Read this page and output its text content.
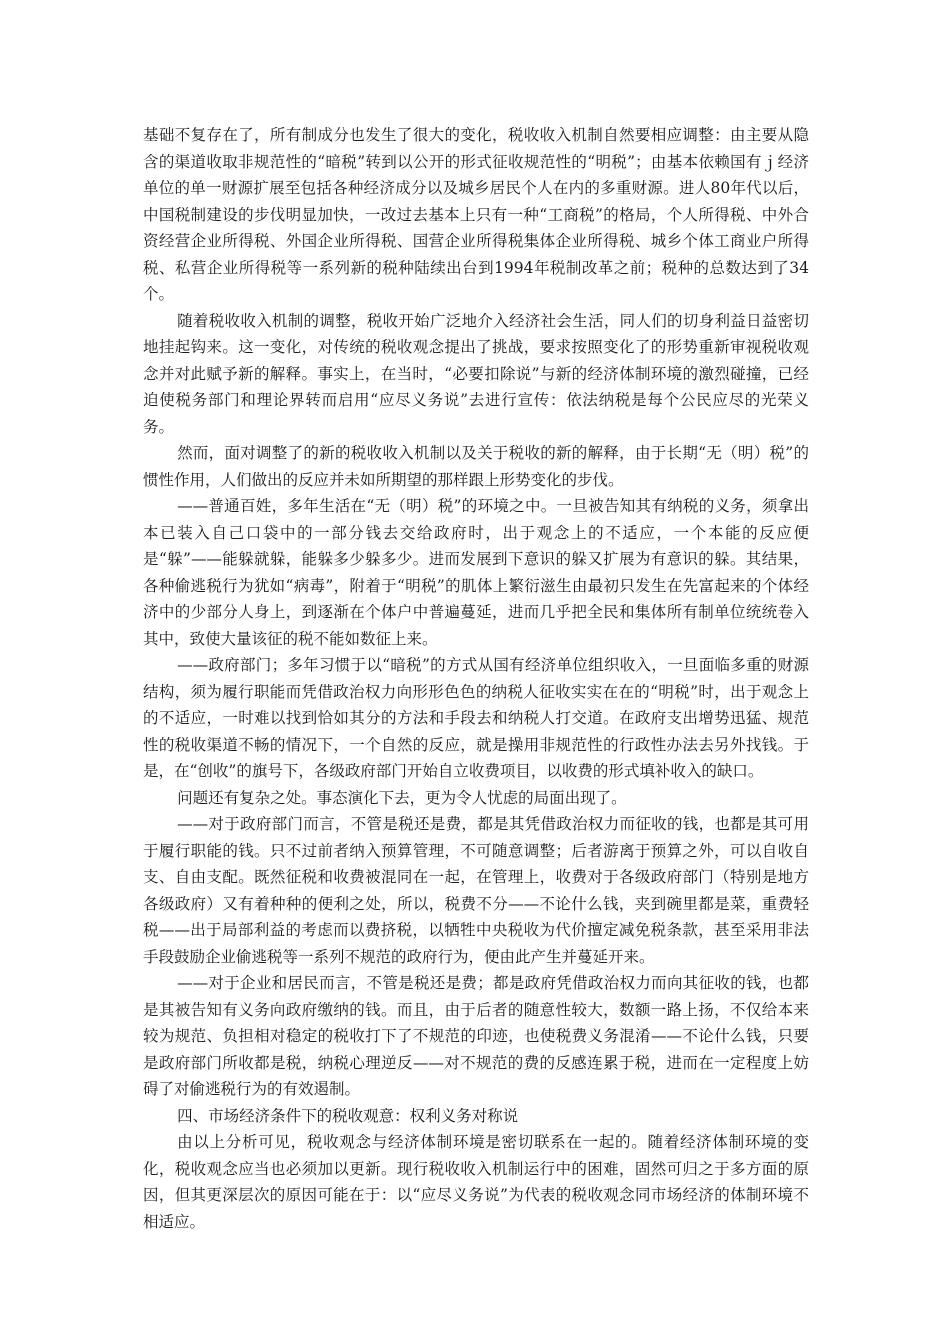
基础不复存在了，所有制成分也发生了很大的变化，税收收入机制自然要相应调整：由主要从隐含的渠道收取非规范性的“暗税”转到以公开的形式征收规范性的“明税”；由基本依赖国有ｊ经济单位的单一财源扩展至包括各种经济成分以及城乡居民个人在内的多重财源。进人80年代以后，中国税制建设的步伐明显加快，一改过去基本上只有一种“工商税”的格局，个人所得税、中外合资经营企业所得税、外国企业所得税、国营企业所得税集体企业所得税、城乡个体工商业户所得税、私营企业所得税等一系列新的税种陆续出台到1994年税制改革之前；税种的总数达到了34个。

随着税收收入机制的调整，税收开始广泛地介入经济社会生活，同人们的切身利益日益密切地挂起钩来。这一变化，对传统的税收观念提出了挑战，要求按照变化了的形势重新审视税收观念并对此赋予新的解释。事实上，在当时，“必要扣除说”与新的经济体制环境的激烈碰撞，已经迫使税务部门和理论界转而启用“应尽义务说”去进行宣传：依法纳税是每个公民应尽的光荣义务。

然而，面对调整了的新的税收收入机制以及关于税收的新的解释，由于长期“无（明）税”的惯性作用，人们做出的反应并未如所期望的那样跟上形势变化的步伐。

——普通百姓，多年生活在“无（明）税”的环境之中。一旦被告知其有纳税的义务，须拿出本已装入自己口袋中的一部分钱去交给政府时，出于观念上的不适应，一个本能的反应便是“躲”——能躲就躲，能躲多少躲多少。进而发展到下意识的躲又扩展为有意识的躲。其结果，各种偷逃税行为犹如“病毒”，附着于“明税”的肌体上繁衍滋生由最初只发生在先富起来的个体经济中的少部分人身上，到逐渐在个体户中普遍蔓延，进而几乎把全民和集体所有制单位统统卷入其中，致使大量该征的税不能如数征上来。

——政府部门；多年习惯于以“暗税”的方式从国有经济单位组织收入，一旦面临多重的财源结构，须为履行职能而凭借政治权力向形形色色的纳税人征收实实在在的“明税”时，出于观念上的不适应，一时难以找到恰如其分的方法和手段去和纳税人打交道。在政府支出增势迅猛、规范性的税收渠道不畅的情况下，一个自然的反应，就是操用非规范性的行政性办法去另外找钱。于是，在“创收”的旗号下，各级政府部门开始自立收费项目，以收费的形式填补收入的缺口。

问题还有复杂之处。事态演化下去，更为令人忧虑的局面出现了。

——对于政府部门而言，不管是税还是费，都是其凭借政治权力而征收的钱，也都是其可用于履行职能的钱。只不过前者纳入预算管理，不可随意调整；后者游离于预算之外，可以自收自支、自由支配。既然征税和收费被混同在一起，在管理上，收费对于各级政府部门（特别是地方各级政府）又有着种种的便利之处，所以，税费不分——不论什么钱，夹到碗里都是菜，重费轻税——出于局部利益的考虑而以费挤税，以牺牲中央税收为代价擅定减免税条款，甚至采用非法手段鼓励企业偷逃税等一系列不规范的政府行为，便由此产生并蔓延开来。

——对于企业和居民而言，不管是税还是费；都是政府凭借政治权力而向其征收的钱，也都是其被告知有义务向政府缴纳的钱。而且，由于后者的随意性较大，数额一路上扬，不仅给本来较为规范、负担相对稳定的税收打下了不规范的印迹，也使税费义务混淆——不论什么钱，只要是政府部门所收都是税，纳税心理逆反——对不规范的费的反感连累于税，进而在一定程度上妨碍了对偷逃税行为的有效遏制。

四、市场经济条件下的税收观意：权利义务对称说

由以上分析可见，税收观念与经济体制环境是密切联系在一起的。随着经济体制环境的变化，税收观念应当也必须加以更新。现行税收收入机制运行中的困难，固然可归之于多方面的原因，但其更深层次的原因可能在于：以“应尽义务说”为代表的税收观念同市场经济的体制环境不相适应。
